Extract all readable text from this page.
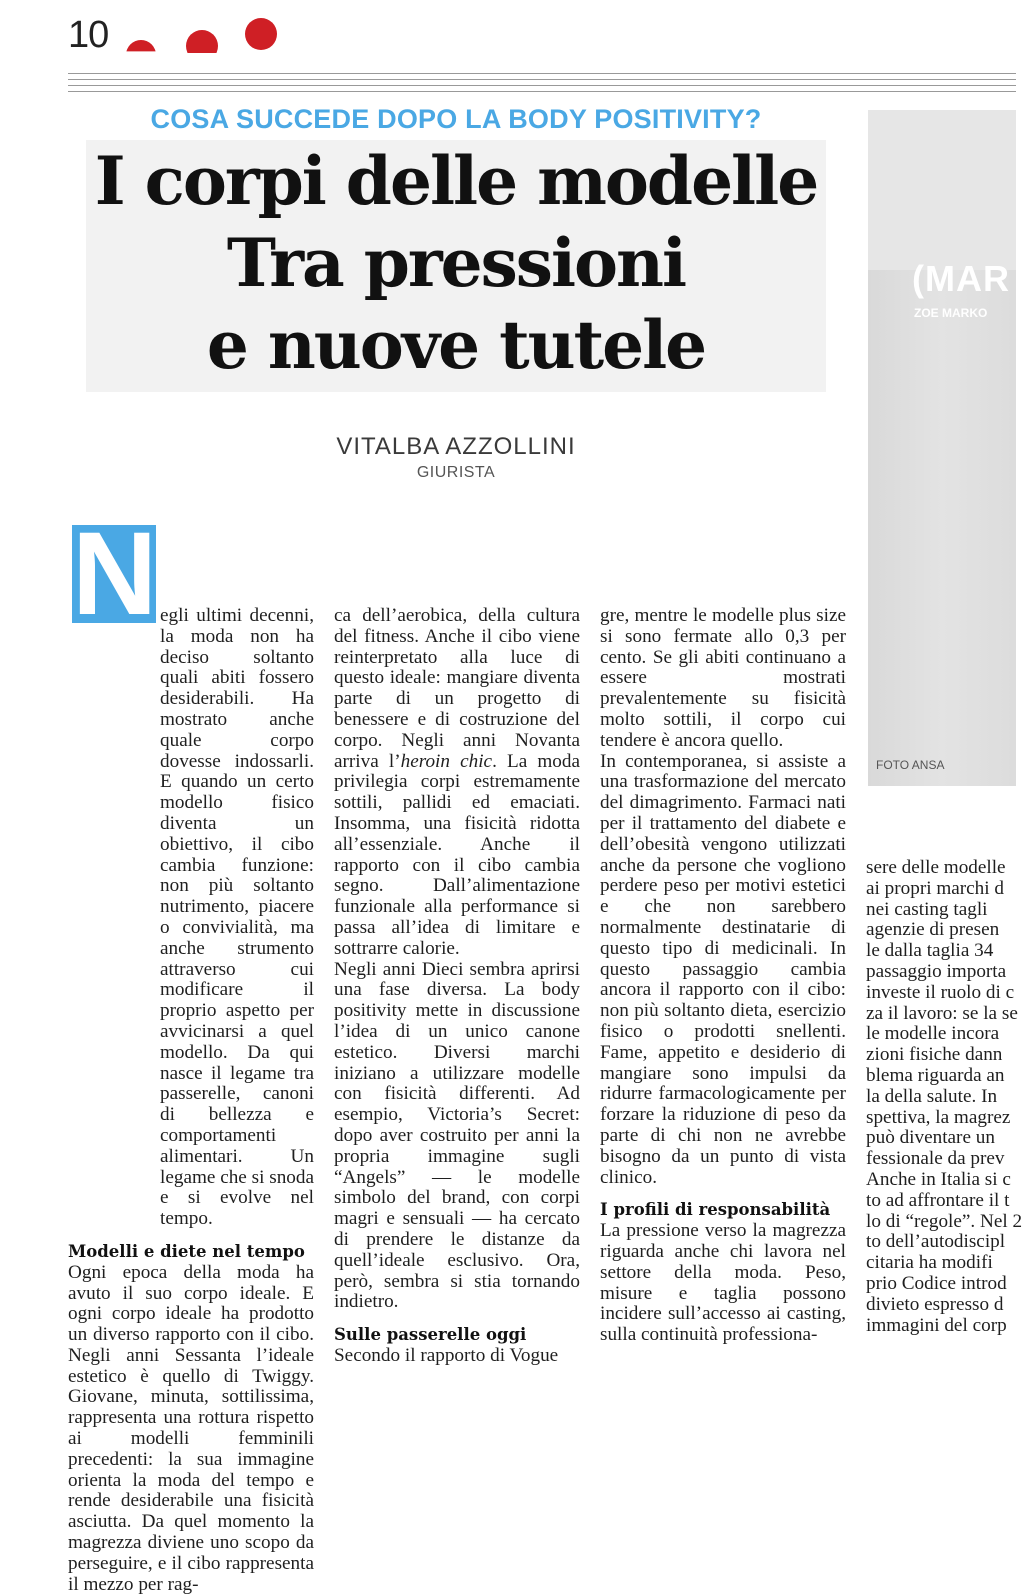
10
COSA SUCCEDE DOPO LA BODY POSITIVITY?
I corpi delle modelle
Tra pressioni
e nuove tutele
VITALBA AZZOLLINI
GIURISTA
(MAR
ZOE MARKO
FOTO ANSA
N egli ultimi decenni, la moda non ha deciso soltanto quali abiti fossero desiderabili. Ha mostrato anche quale corpo dovesse indossarli. E quando un certo modello fisico diventa un obiettivo, il cibo cambia funzione: non più soltanto nutrimento, piacere o convivialità, ma anche strumento attraverso cui modificare il proprio aspetto per avvicinarsi a quel modello. Da qui nasce il legame tra passerelle, canoni di bellezza e comportamenti alimentari. Un legame che si snoda e si evolve nel tempo.

Modelli e diete nel tempo

Ogni epoca della moda ha avuto il suo corpo ideale. E ogni corpo ideale ha prodotto un diverso rapporto con il cibo. Negli anni Sessanta l’ideale estetico è quello di Twiggy. Giovane, minuta, sottilissima, rappresenta una rottura rispetto ai modelli femminili precedenti: la sua immagine orienta la moda del tempo e rende desiderabile una fisicità asciutta. Da quel momento la magrezza diviene uno scopo da perseguire, e il cibo rappresenta il mezzo per rag-

ca dell’aerobica, della cultura del fitness. Anche il cibo viene reinterpretato alla luce di questo ideale: mangiare diventa parte di un progetto di benessere e di costruzione del corpo. Negli anni Novanta arriva l’heroin chic. La moda privilegia corpi estremamente sottili, pallidi ed emaciati. Insomma, una fisicità ridotta all’essenziale. Anche il rapporto con il cibo cambia segno. Dall’alimentazione funzionale alla performance si passa all’idea di limitare e sottrarre calorie.

Negli anni Dieci sembra aprirsi una fase diversa. La body positivity mette in discussione l’idea di un unico canone estetico. Diversi marchi iniziano a utilizzare modelle con fisicità differenti. Ad esempio, Victoria’s Secret: dopo aver costruito per anni la propria immagine sugli “Angels” — le modelle simbolo del brand, con corpi magri e sensuali — ha cercato di prendere le distanze da quell’ideale esclusivo. Ora, però, sembra si stia tornando indietro.

Sulle passerelle oggi

Secondo il rapporto di Vogue

gre, mentre le modelle plus size si sono fermate allo 0,3 per cento. Se gli abiti continuano a essere mostrati prevalentemente su fisicità molto sottili, il corpo cui tendere è ancora quello.

In contemporanea, si assiste a una trasformazione del mercato del dimagrimento. Farmaci nati per il trattamento del diabete e dell’obesità vengono utilizzati anche da persone che vogliono perdere peso per motivi estetici e che non sarebbero normalmente destinatarie di questo tipo di medicinali. In questo passaggio cambia ancora il rapporto con il cibo: non più soltanto dieta, esercizio fisico o prodotti snellenti. Fame, appetito e desiderio di mangiare sono impulsi da ridurre farmacologicamente per forzare la riduzione di peso da parte di chi non ne avrebbe bisogno da un punto di vista clinico.

I profili di responsabilità

La pressione verso la magrezza riguarda anche chi lavora nel settore della moda. Peso, misure e taglia possono incidere sull’accesso ai casting, sulla continuità professiona-

sere delle modelle
ai propri marchi d
nei casting tagli
agenzie di presen
le dalla taglia 34
passaggio importa
investe il ruolo di c
za il lavoro: se la se
le modelle incora
zioni fisiche dann
blema riguarda an
la della salute. In
spettiva, la magrez
può diventare un
fessionale da prev
Anche in Italia si c
to ad affrontare il t
lo di “regole”. Nel 2
to dell’autodiscipl
citaria ha modifi
prio Codice introd
divieto espresso d
immagini del corp
